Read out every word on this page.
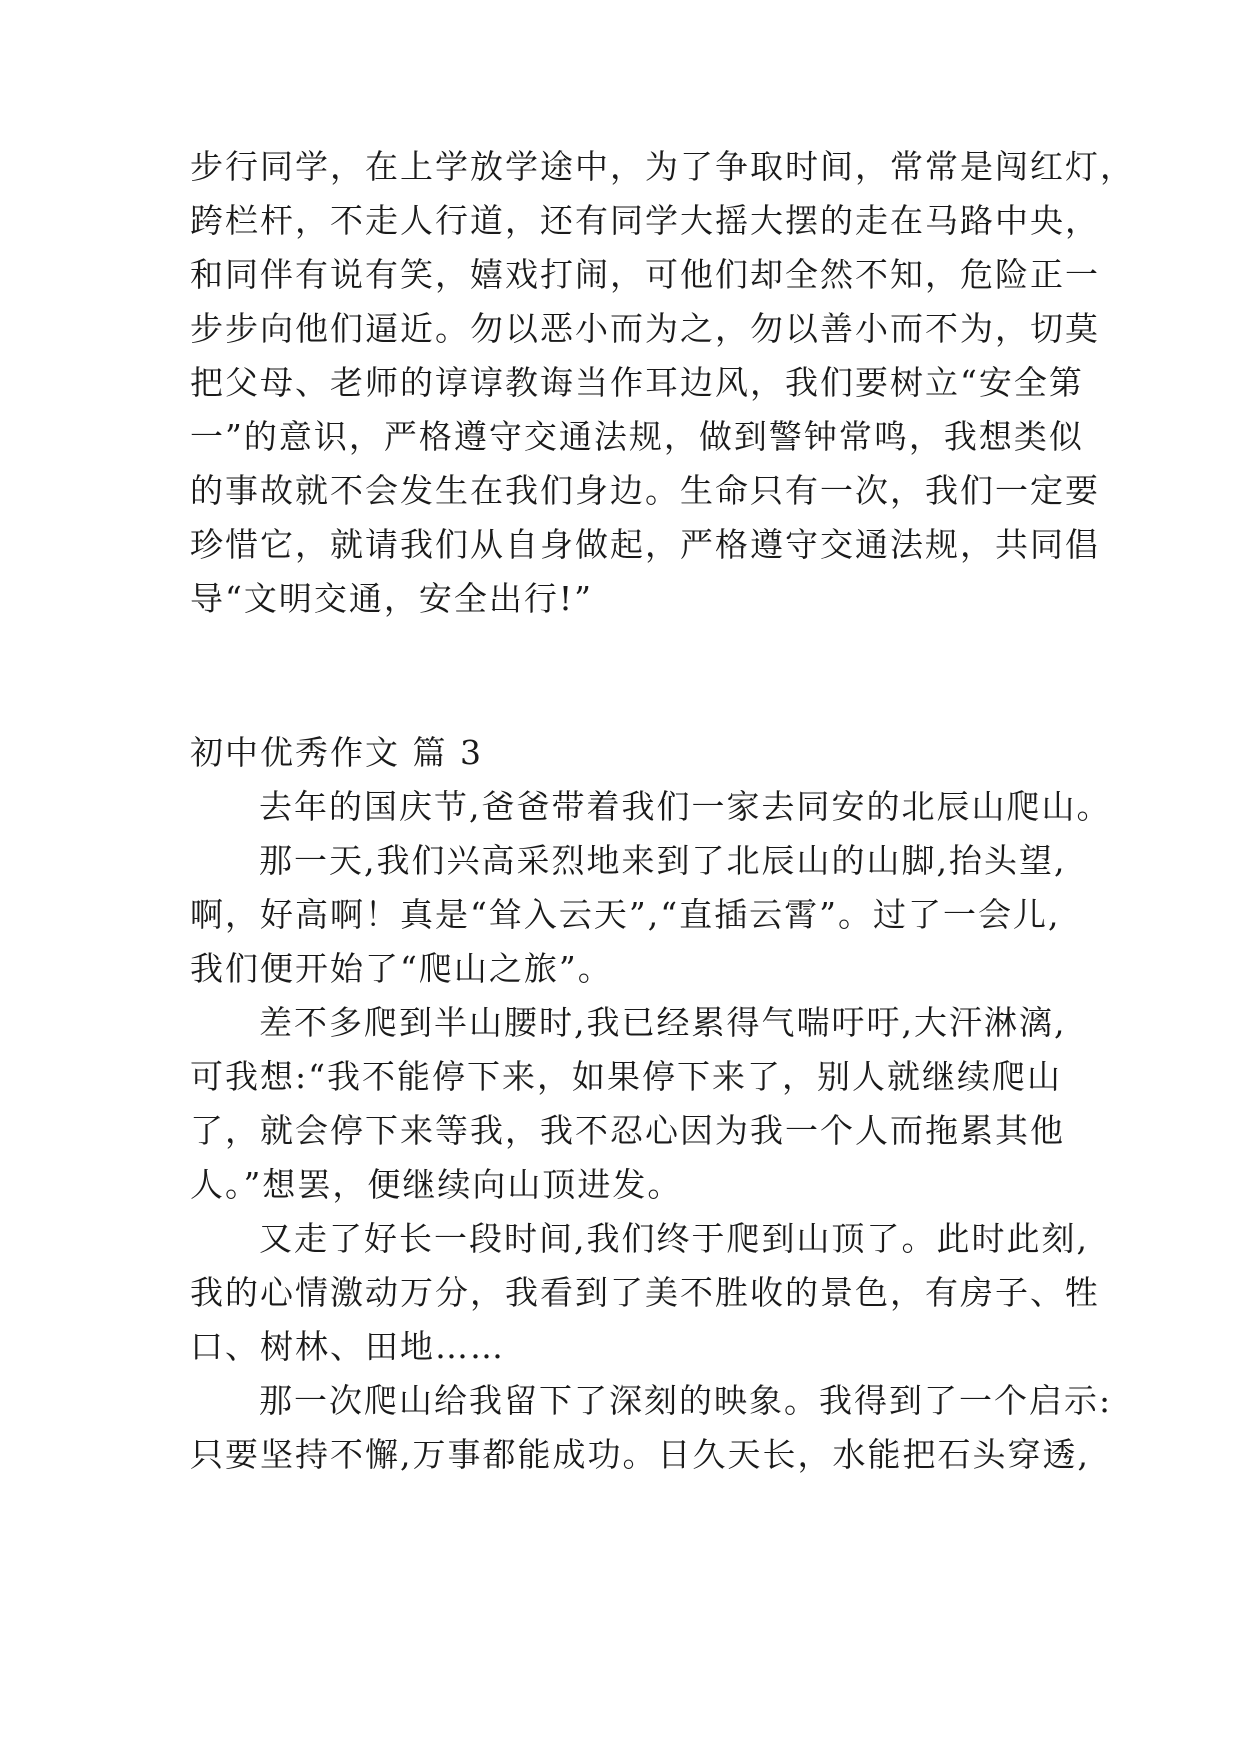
步行同学，在上学放学途中，为了争取时间，常常是闯红灯，
跨栏杆，不走人行道，还有同学大摇大摆的走在马路中央，
和同伴有说有笑，嬉戏打闹，可他们却全然不知，危险正一
步步向他们逼近。勿以恶小而为之，勿以善小而不为，切莫
把父母、老师的谆谆教诲当作耳边风，我们要树立“安全第
一”的意识，严格遵守交通法规，做到警钟常鸣，我想类似
的事故就不会发生在我们身边。生命只有一次，我们一定要
珍惜它，就请我们从自身做起，严格遵守交通法规，共同倡
导“文明交通，安全出行!”
初中优秀作文 篇 3
去年的国庆节,爸爸带着我们一家去同安的北辰山爬山。
那一天,我们兴高采烈地来到了北辰山的山脚,抬头望,
啊，好高啊！真是“耸入云天”,“直插云霄”。过了一会儿,
我们便开始了“爬山之旅”。
差不多爬到半山腰时,我已经累得气喘吁吁,大汗淋漓,
可我想:“我不能停下来，如果停下来了，别人就继续爬山
了，就会停下来等我，我不忍心因为我一个人而拖累其他
人。”想罢，便继续向山顶进发。
又走了好长一段时间,我们终于爬到山顶了。此时此刻,
我的心情激动万分，我看到了美不胜收的景色，有房子、牲
口、树林、田地……
那一次爬山给我留下了深刻的映象。我得到了一个启示:
只要坚持不懈,万事都能成功。日久天长，水能把石头穿透,
